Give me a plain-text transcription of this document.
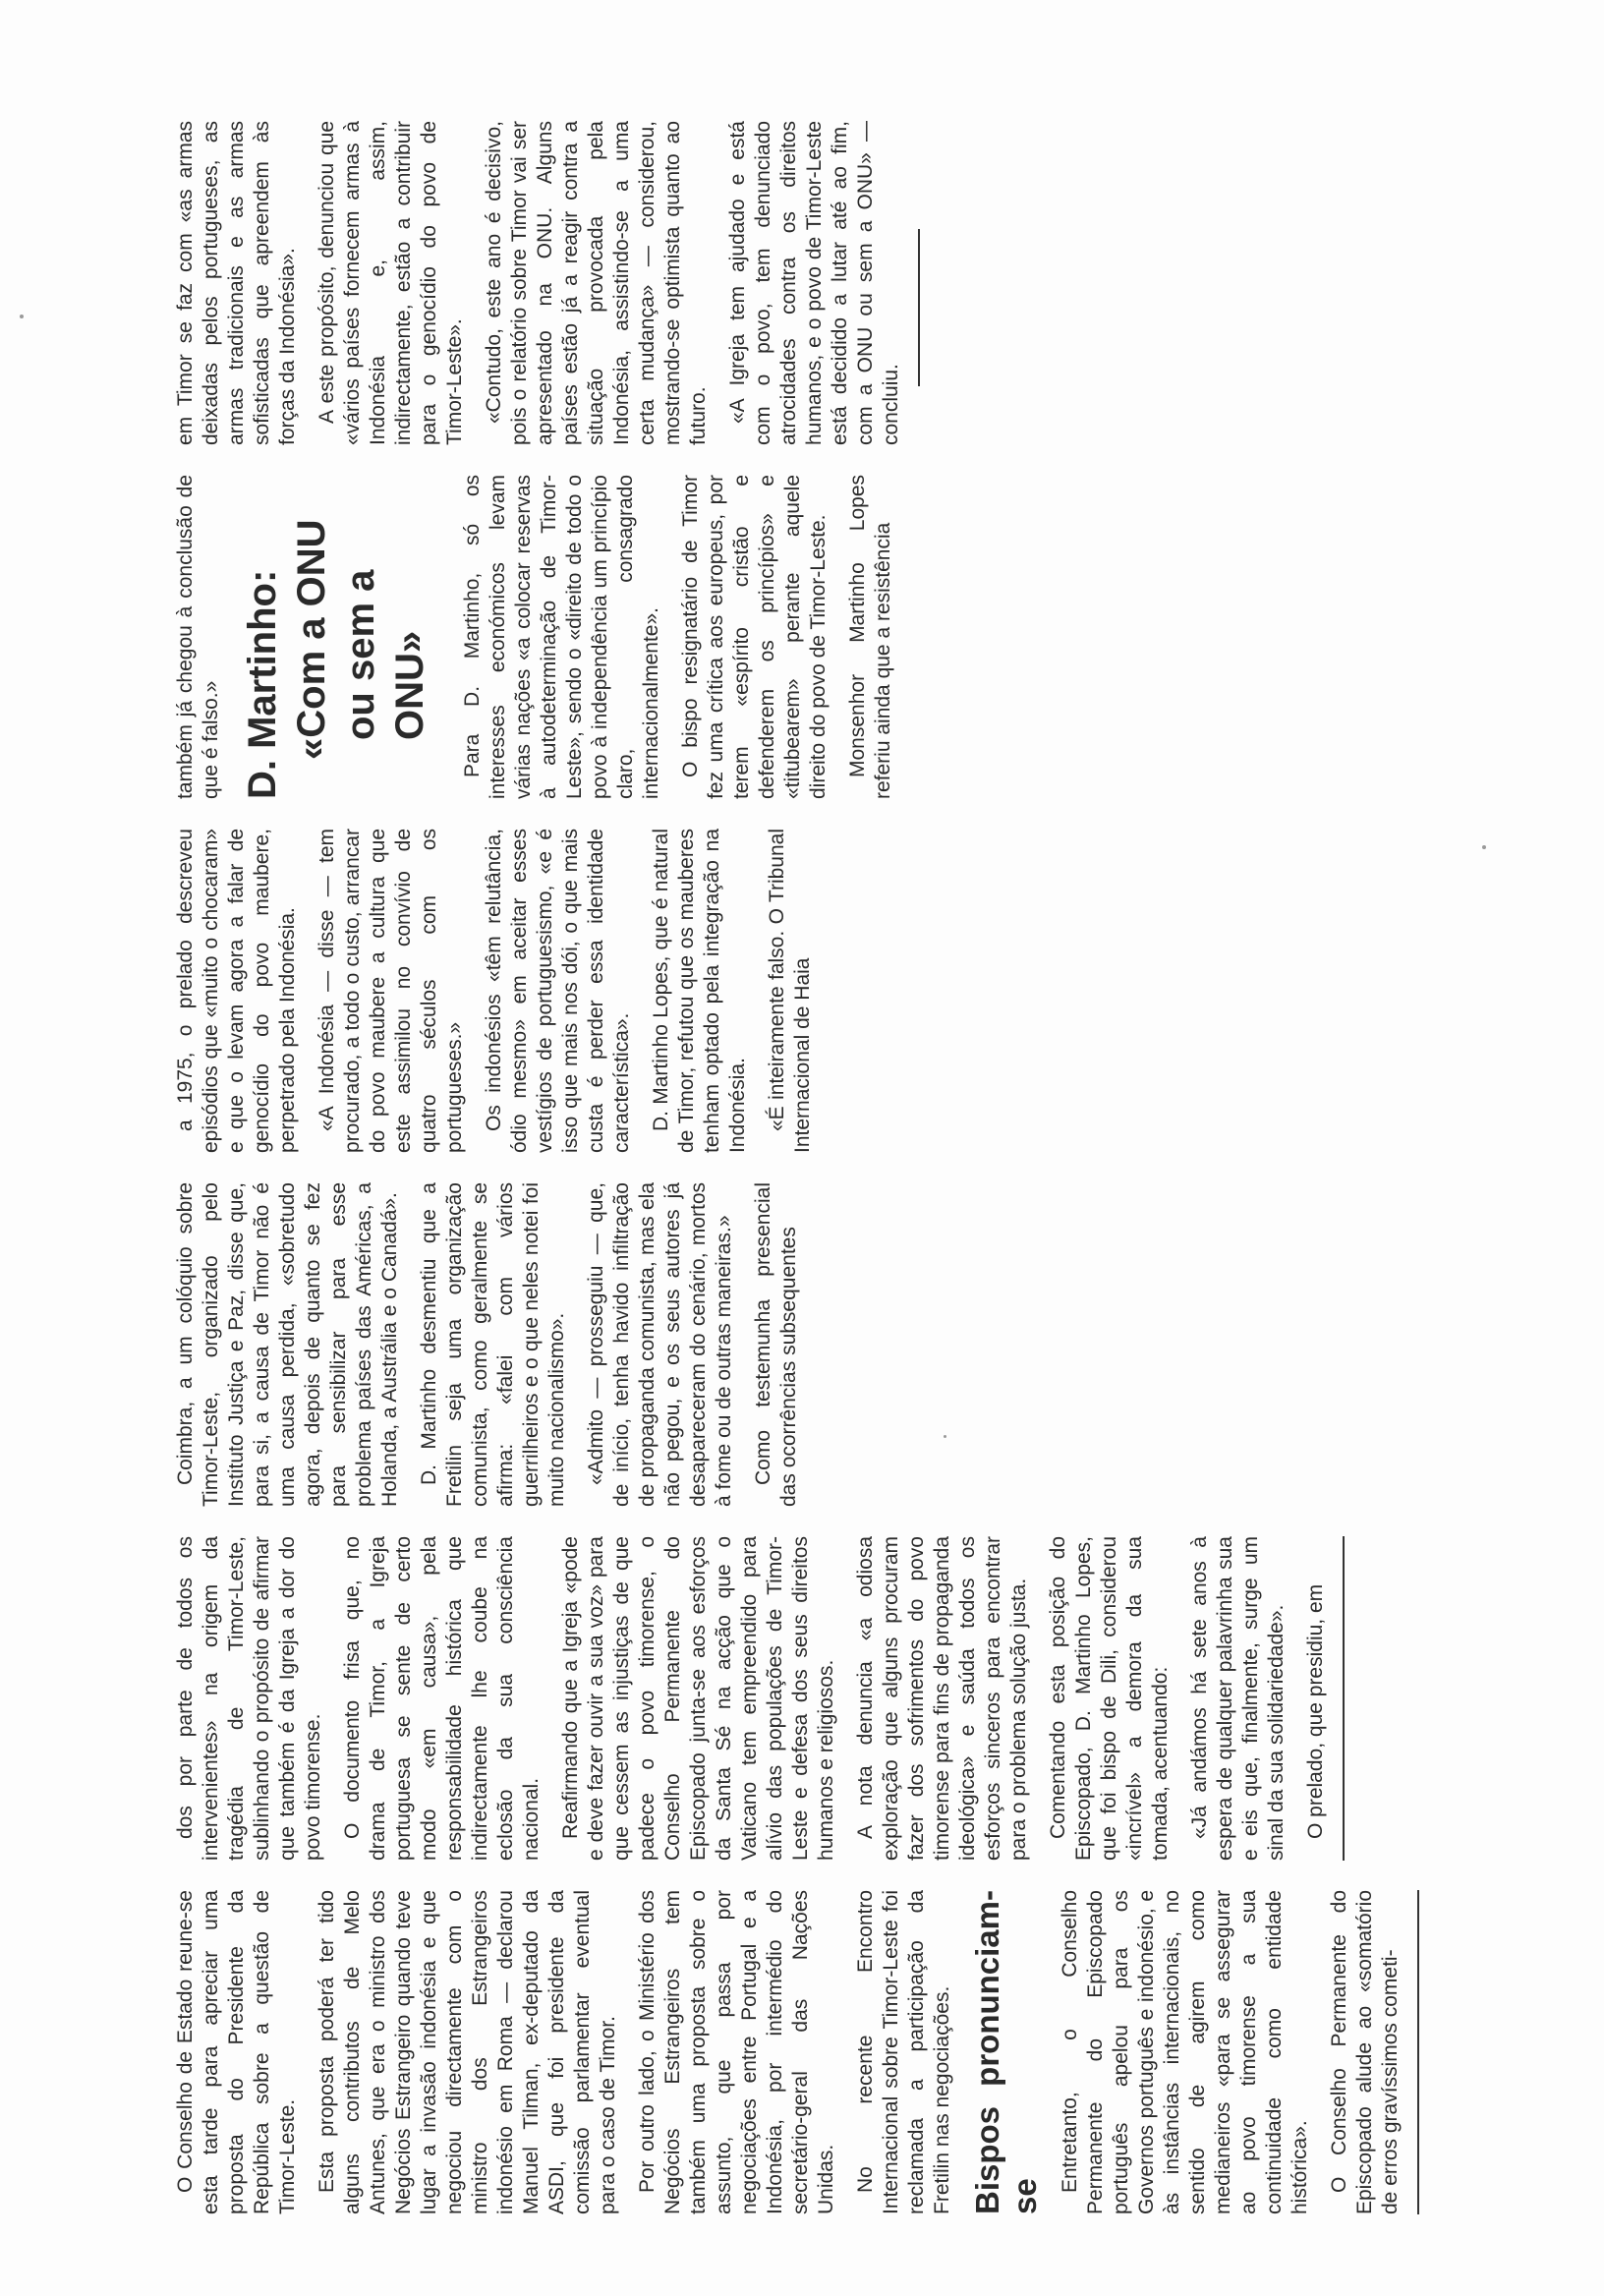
O Conselho de Estado reune-se esta tarde para apreciar uma proposta do Presidente da República sobre a questão de Timor-Leste. Esta proposta poderá ter tido alguns contributos de Melo Antunes, que era o ministro dos Negócios Estrangeiro quando teve lugar a invasão indonésia e que negociou directamente com o ministro dos Estrangeiros indonésio em Roma — declarou Manuel Tilman, ex-deputado da ASDI, que foi presidente da comissão parlamentar eventual para o caso de Timor. Por outro lado, o Ministério dos Negócios Estrangeiros tem também uma proposta sobre o assunto, que passa por negociações entre Portugal e a Indonésia, por intermédio do secretário-geral das Nações Unidas. No recente Encontro Internacional sobre Timor-Leste foi reclamada a participação da Fretilin nas negociações. Bispos pronunciam-se

Entretanto, o Conselho Permanente do Episcopado português apelou para os Governos português e indonésio, e às instâncias internacionais, no sentido de agirem como medianeiros «para se assegurar ao povo timorense a sua continuidade como entidade histórica». O Conselho Permanente do Episcopado alude ao «somatório de erros gravíssimos cometi-

dos por parte de todos os intervenientes» na origem da tragédia de Timor-Leste, sublinhando o propósito de afirmar que também é da Igreja a dor do povo timorense. O documento frisa que, no drama de Timor, a Igreja portuguesa se sente de certo modo «em causa», pela responsabilidade histórica que indirectamente lhe coube na eclosão da sua consciência nacional. Reafirmando que a Igreja «pode e deve fazer ouvir a sua voz» para que cessem as injustiças de que padece o povo timorense, o Conselho Permanente do Episcopado junta-se aos esforços da Santa Sé na acção que o Vaticano tem empreendido para alívio das populações de Timor-Leste e defesa dos seus direitos humanos e religiosos. A nota denuncia «a odiosa exploração que alguns procuram fazer dos sofrimentos do povo timorense para fins de propaganda ideológica» e saúda todos os esforços sinceros para encontrar para o problema solução justa. Comentando esta posição do Episcopado, D. Martinho Lopes, que foi bispo de Dili, considerou «incrível» a demora da sua tomada, acentuando: «Já andámos há sete anos à espera de qualquer palavrinha sua e eis que, finalmente, surge um sinal da sua solidariedade». O prelado, que presidiu, em

Coimbra, a um colóquio sobre Timor-Leste, organizado pelo Instituto Justiça e Paz, disse que, para si, a causa de Timor não é uma causa perdida, «sobretudo agora, depois de quanto se fez para sensibilizar para esse problema países das Américas, a Holanda, a Austrália e o Canadá». D. Martinho desmentiu que a Fretilin seja uma organização comunista, como geralmente se afirma: «falei com vários guerrilheiros e o que neles notei foi muito nacionalismo». «Admito — prosseguiu — que, de início, tenha havido infiltração de propaganda comunista, mas ela não pegou, e os seus autores já desapareceram do cenário, mortos à fome ou de outras maneiras.» Como testemunha presencial das ocorrências subsequentes

a 1975, o prelado descreveu episódios que «muito o chocaram» e que o levam agora a falar de genocídio do povo maubere, perpetrado pela Indonésia. «A Indonésia — disse — tem procurado, a todo o custo, arrancar do povo maubere a cultura que este assimilou no convívio de quatro séculos com os portugueses.» Os indonésios «têm relutância, ódio mesmo» em aceitar esses vestígios de portuguesismo, «e é isso que mais nos dói, o que mais custa é perder essa identidade característica». D. Martinho Lopes, que é natural de Timor, refutou que os mauberes tenham optado pela integração na Indonésia. «É inteiramente falso. O Tribunal Internacional de Haia

também já chegou à conclusão de que é falso.» D. Martinho: «Com a ONU ou sem a ONU» Para D. Martinho, só os interesses económicos levam várias nações «a colocar reservas à autodeterminação de Timor-Leste», sendo o «direito de todo o povo à independência um princípio claro, consagrado internacionalmente». O bispo resignatário de Timor fez uma crítica aos europeus, por terem «espírito cristão e defenderem os princípios» e «titubearem» perante aquele direito do povo de Timor-Leste. Monsenhor Martinho Lopes referiu ainda que a resistência

em Timor se faz com «as armas deixadas pelos portugueses, as armas tradicionais e as armas sofisticadas que apreendem às forças da Indonésia». A este propósito, denunciou que «vários países fornecem armas à Indonésia e, assim, indirectamente, estão a contribuir para o genocídio do povo de Timor-Leste». «Contudo, este ano é decisivo, pois o relatório sobre Timor vai ser apresentado na ONU. Alguns países estão já a reagir contra a situação provocada pela Indonésia, assistindo-se a uma certa mudança» — considerou, mostrando-se optimista quanto ao futuro. «A Igreja tem ajudado e está com o povo, tem denunciado atrocidades contra os direitos humanos, e o povo de Timor-Leste está decidido a lutar até ao fim, com a ONU ou sem a ONU» — concluiu.
